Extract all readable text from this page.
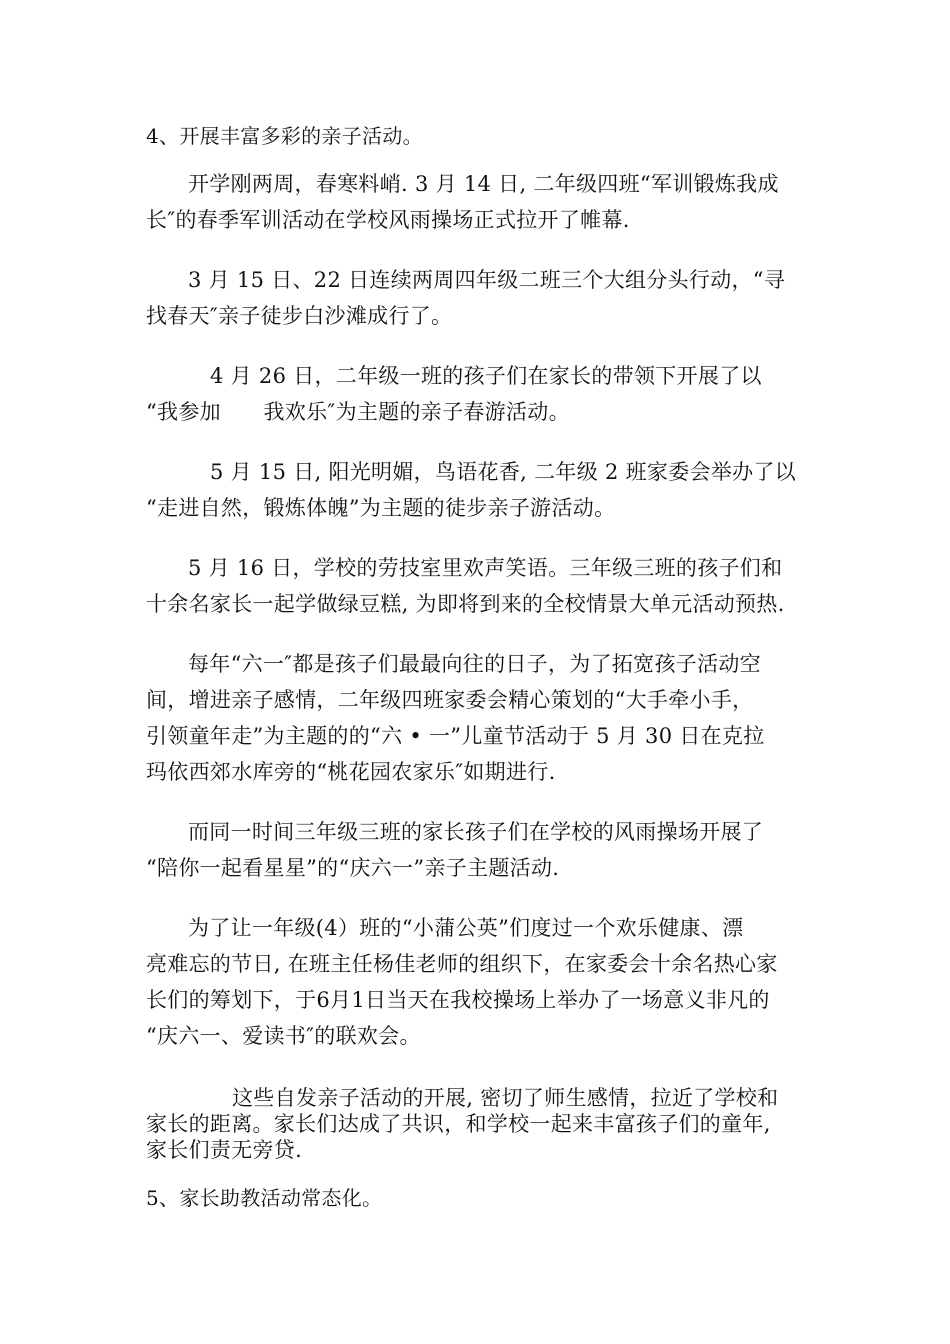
4、开展丰富多彩的亲子活动。
开学刚两周，春寒料峭. 3 月 14 日, 二年级四班“军训锻炼我成
长″的春季军训活动在学校风雨操场正式拉开了帷幕.
3 月 15 日、22 日连续两周四年级二班三个大组分头行动，“寻
找春天″亲子徒步白沙滩成行了。
4 月 26 日，二年级一班的孩子们在家长的带领下开展了以
“我参加　　我欢乐″为主题的亲子春游活动。
5 月 15 日, 阳光明媚，鸟语花香, 二年级 2 班家委会举办了以
“走进自然，锻炼体魄”为主题的徒步亲子游活动。
5 月 16 日，学校的劳技室里欢声笑语。三年级三班的孩子们和
十余名家长一起学做绿豆糕, 为即将到来的全校情景大单元活动预热.
每年“六一″都是孩子们最最向往的日子，为了拓宽孩子活动空
间，增进亲子感情，二年级四班家委会精心策划的“大手牵小手，
引领童年走”为主题的的“六 • 一”儿童节活动于 5 月 30 日在克拉
玛依西郊水库旁的“桃花园农家乐″如期进行.
而同一时间三年级三班的家长孩子们在学校的风雨操场开展了
“陪你一起看星星”的“庆六一”亲子主题活动.
为了让一年级(4）班的“小蒲公英”们度过一个欢乐健康、漂
亮难忘的节日, 在班主任杨佳老师的组织下，在家委会十余名热心家
长们的筹划下，于6月1日当天在我校操场上举办了一场意义非凡的
“庆六一、爱读书″的联欢会。
这些自发亲子活动的开展, 密切了师生感情，拉近了学校和
家长的距离。家长们达成了共识，和学校一起来丰富孩子们的童年,
家长们责无旁贷.
5、家长助教活动常态化。
